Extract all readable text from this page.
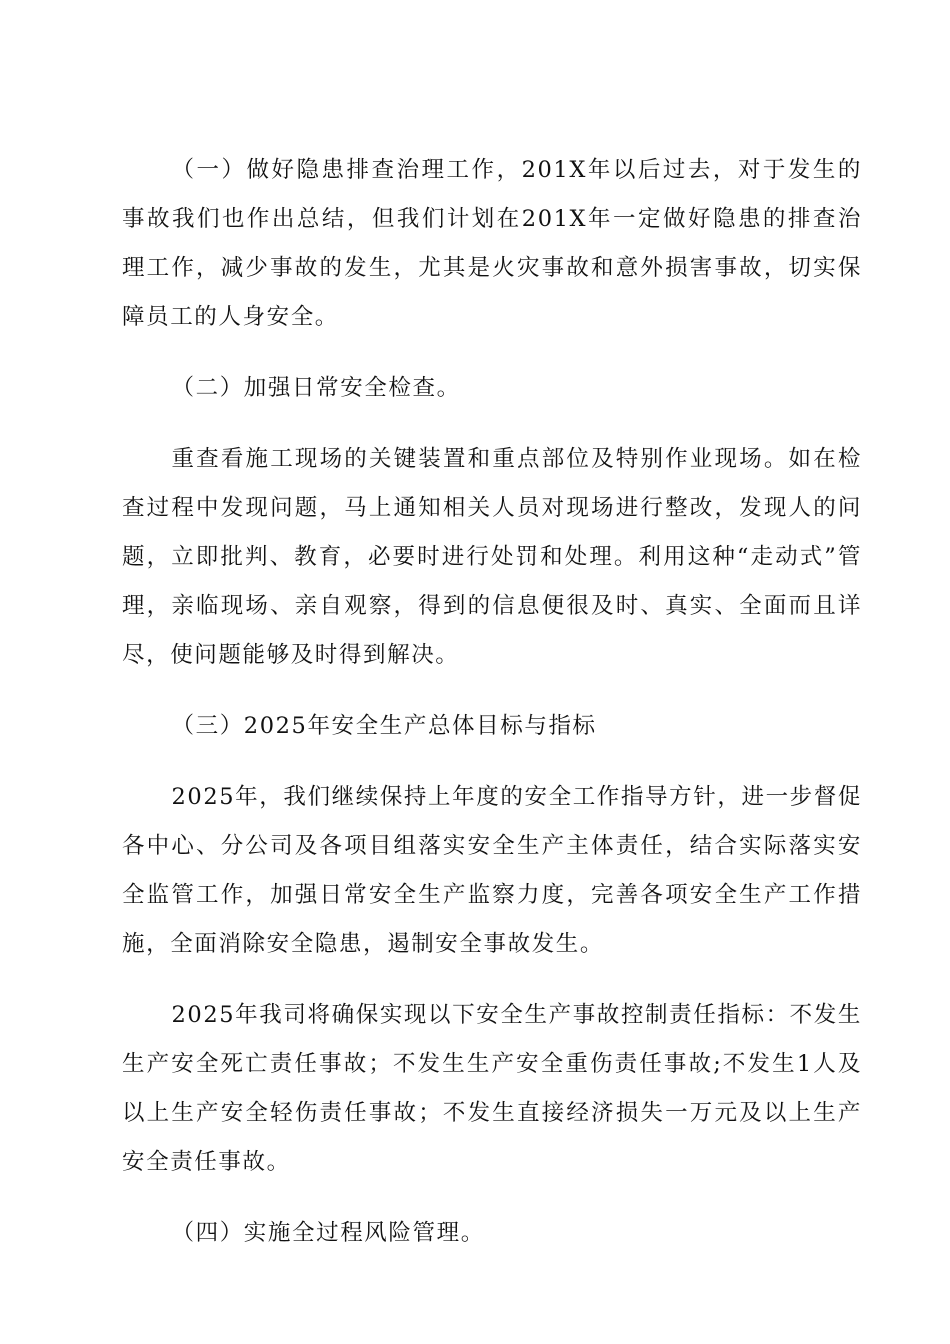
（一）做好隐患排查治理工作，201X年以后过去，对于发生的事故我们也作出总结，但我们计划在201X年一定做好隐患的排查治理工作，减少事故的发生，尤其是火灾事故和意外损害事故，切实保障员工的人身安全。

（二）加强日常安全检查。

重查看施工现场的关键装置和重点部位及特别作业现场。如在检查过程中发现问题，马上通知相关人员对现场进行整改，发现人的问题，立即批判、教育，必要时进行处罚和处理。利用这种“走动式”管理，亲临现场、亲自观察，得到的信息便很及时、真实、全面而且详尽，使问题能够及时得到解决。

（三）2025年安全生产总体目标与指标

2025年，我们继续保持上年度的安全工作指导方针，进一步督促各中心、分公司及各项目组落实安全生产主体责任，结合实际落实安全监管工作，加强日常安全生产监察力度，完善各项安全生产工作措施，全面消除安全隐患，遏制安全事故发生。

2025年我司将确保实现以下安全生产事故控制责任指标：不发生生产安全死亡责任事故；不发生生产安全重伤责任事故;不发生1人及以上生产安全轻伤责任事故；不发生直接经济损失一万元及以上生产安全责任事故。

（四）实施全过程风险管理。
